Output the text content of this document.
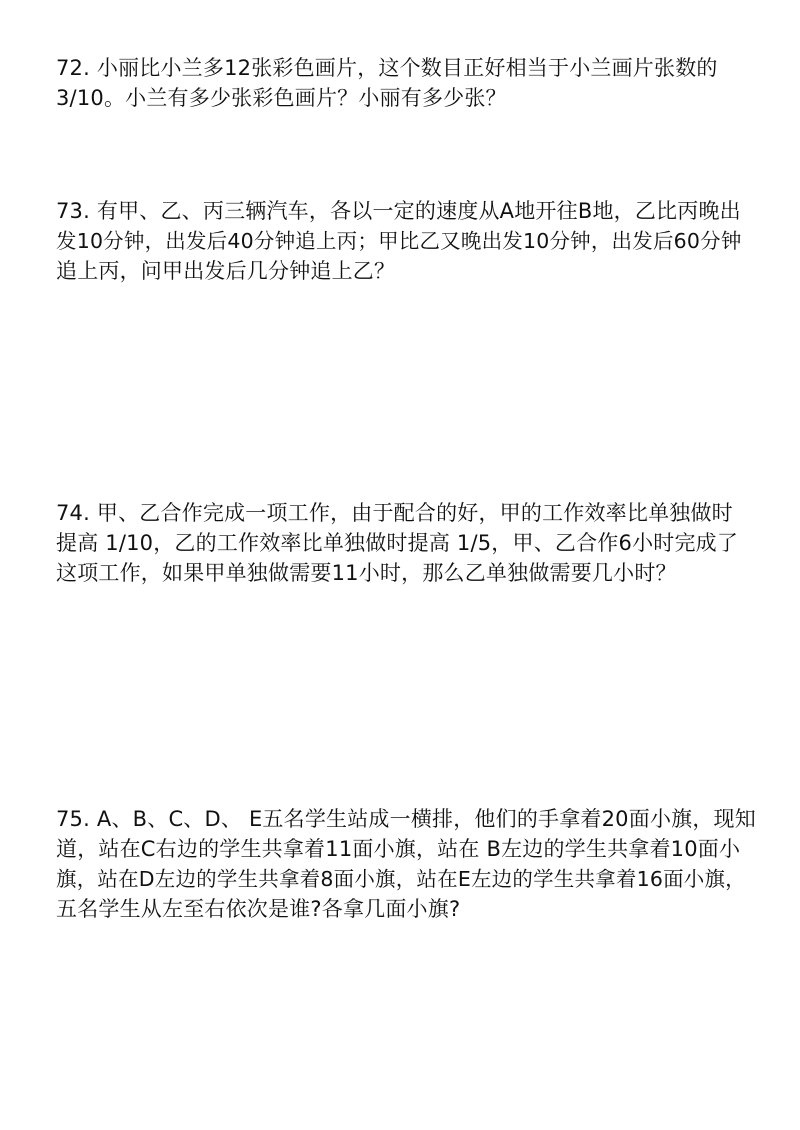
72. 小丽比小兰多12张彩色画片，这个数目正好相当于小兰画片张数的
3/10。小兰有多少张彩色画片？小丽有多少张？
73. 有甲、乙、丙三辆汽车，各以一定的速度从A地开往B地，乙比丙晚出
发10分钟，出发后40分钟追上丙；甲比乙又晚出发10分钟，出发后60分钟
追上丙，问甲出发后几分钟追上乙？
74. 甲、乙合作完成一项工作，由于配合的好，甲的工作效率比单独做时
提高 1/10，乙的工作效率比单独做时提高 1/5，甲、乙合作6小时完成了
这项工作，如果甲单独做需要11小时，那么乙单独做需要几小时？
75. A、B、C、D、 E五名学生站成一横排，他们的手拿着20面小旗，现知
道，站在C右边的学生共拿着11面小旗，站在 B左边的学生共拿着10面小
旗，站在D左边的学生共拿着8面小旗，站在E左边的学生共拿着16面小旗，
五名学生从左至右依次是谁?各拿几面小旗?
